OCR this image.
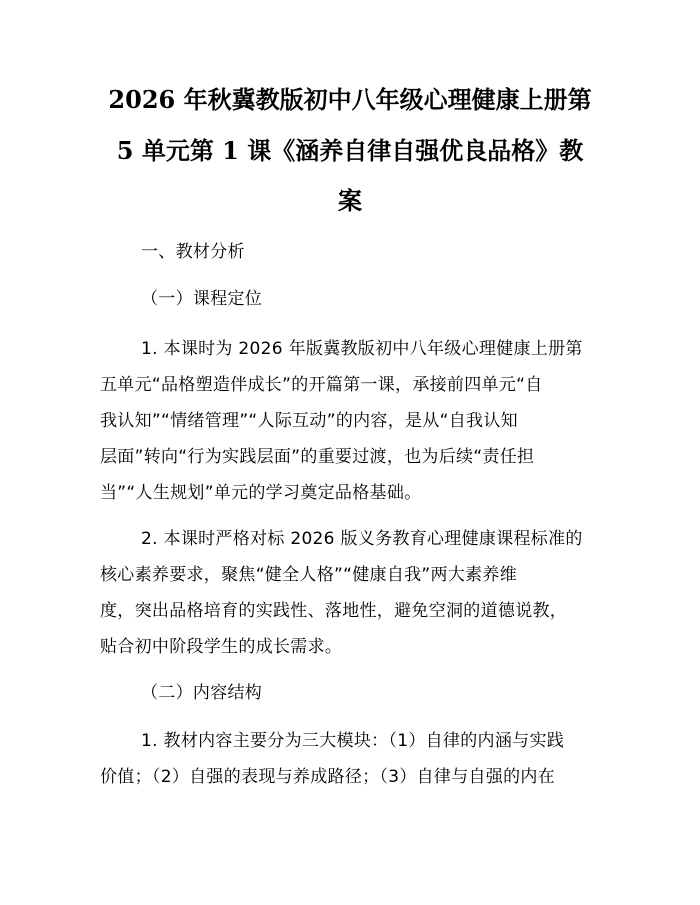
2026 年秋冀教版初中八年级心理健康上册第
5 单元第 1 课《涵养自律自强优良品格》教
案
一、教材分析
（一）课程定位
1. 本课时为 2026 年版冀教版初中八年级心理健康上册第
五单元“品格塑造伴成长”的开篇第一课，承接前四单元“自
我认知”“情绪管理”“人际互动”的内容，是从“自我认知
层面”转向“行为实践层面”的重要过渡，也为后续“责任担
当”“人生规划”单元的学习奠定品格基础。
2. 本课时严格对标 2026 版义务教育心理健康课程标准的
核心素养要求，聚焦“健全人格”“健康自我”两大素养维
度，突出品格培育的实践性、落地性，避免空洞的道德说教，
贴合初中阶段学生的成长需求。
（二）内容结构
1. 教材内容主要分为三大模块：（1）自律的内涵与实践
价值；（2）自强的表现与养成路径；（3）自律与自强的内在
